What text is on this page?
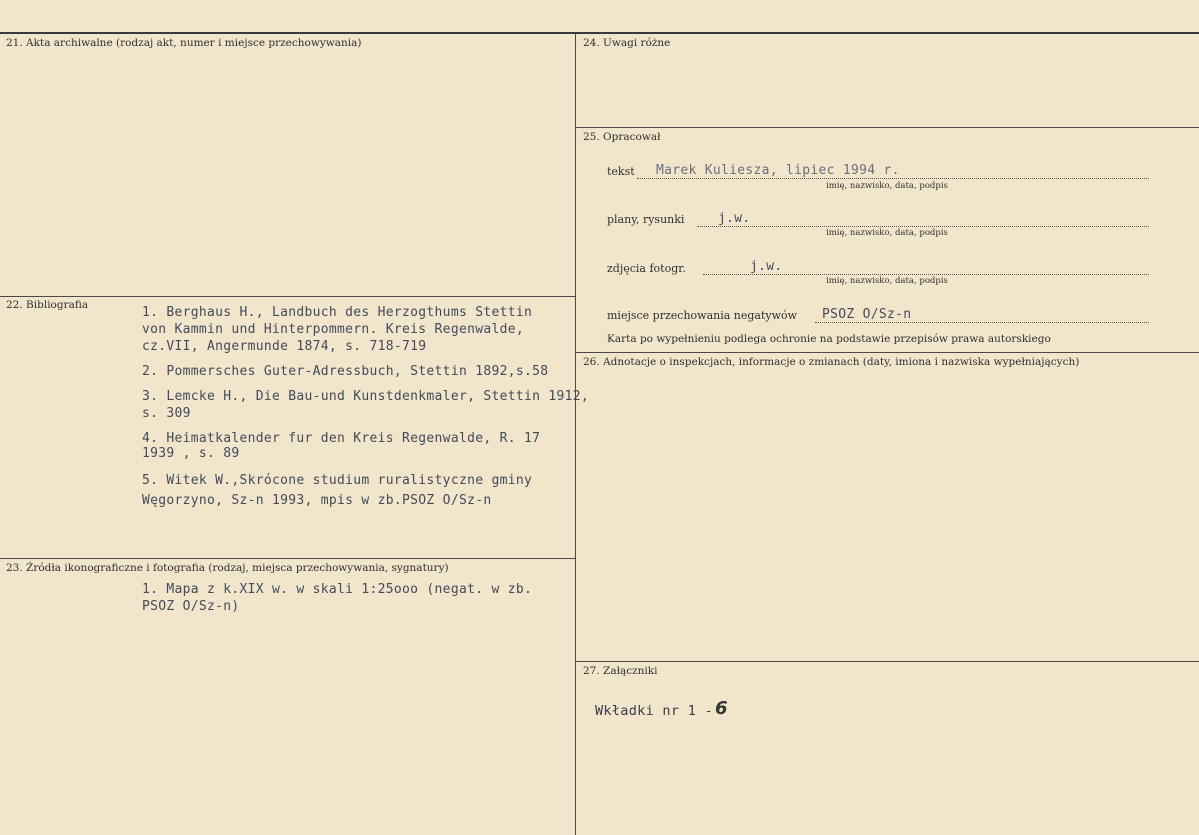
21. Akta archiwalne (rodzaj akt, numer i miejsce przechowywania)
22. Bibliografia	1. Berghaus H., Landbuch des Herzogthums Stettin
von Kammin und Hinterpommern. Kreis Regenwalde,
cz.VII, Angermunde 1874, s. 718-719
2. Pommersches Guter-Adressbuch, Stettin 1892,s.58
3. Lemcke H., Die Bau-und Kunstdenkmaler, Stettin 1912,
s. 309
4. Heimatkalender fur den Kreis Regenwalde, R. 17
1939 , s. 89
5. Witek W.,Skrócone studium ruralistyczne gminy
Węgorzyno, Sz-n 1993, mpis w zb.PSOZ O/Sz-n
23. Źródła ikonograficzne i fotografia (rodzaj, miejsca przechowywania, sygnatury)
1. Mapa z k.XIX w. w skali 1:25ooo (negat. w zb.
PSOZ O/Sz-n)
24. Uwagi różne
25. Opracował
tekst Marek Kuliesza, lipiec 1994 r.
imię, nazwisko, data, podpis
plany, rysunki	j.w.
imię, nazwisko, data, podpis
zdjęcia fotogr.	j.w.
imię, nazwisko, data, podpis
miejsce przechowania negatywów PSOZ O/Sz-n
Karta po wypełnieniu podlega ochronie na podstawie przepisów prawa autorskiego
26. Adnotacje o inspekcjach, informacje o zmianach (daty, imiona i nazwiska wypełniających)
27. Załączniki
Wkładki nr 1 - 6
